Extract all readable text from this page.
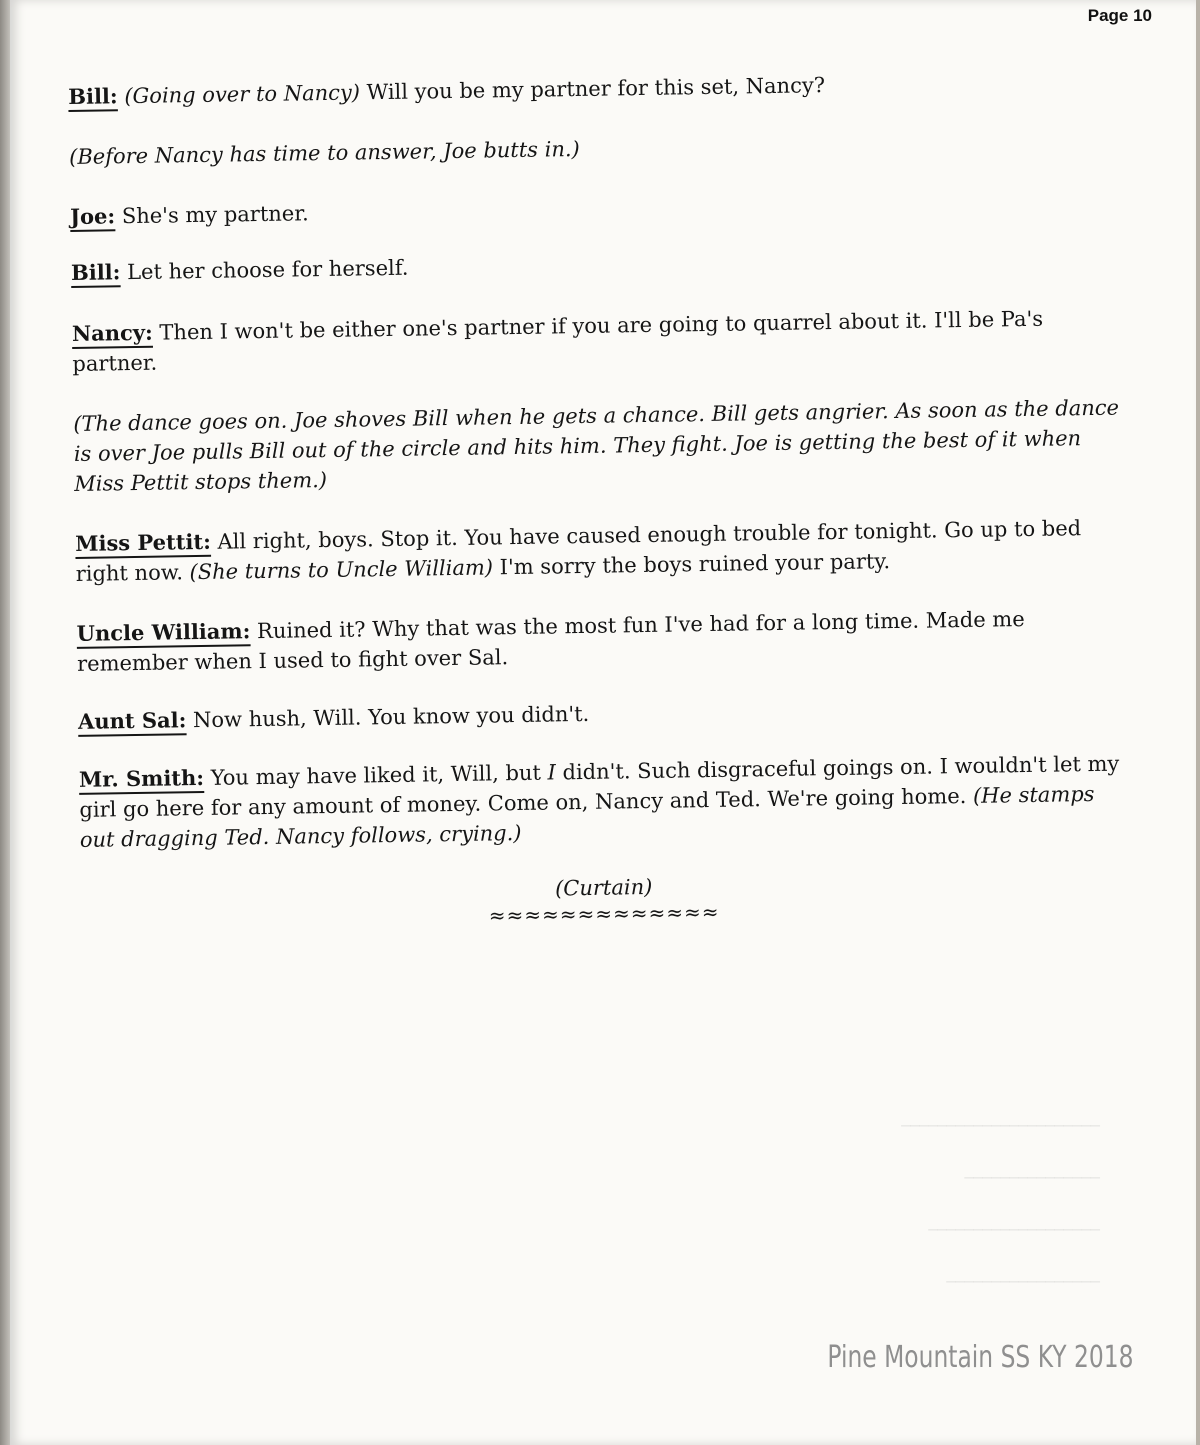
Page 10
──────────────────────
───────────────
───────────────────
─────────────────

Bill: (Going over to Nancy) Will you be my partner for this set, Nancy?

(Before Nancy has time to answer, Joe butts in.)

Joe: She's my partner.

Bill: Let her choose for herself.

Nancy: Then I won't be either one's partner if you are going to quarrel about it. I'll be Pa's partner.

(The dance goes on. Joe shoves Bill when he gets a chance. Bill gets angrier. As soon as the dance is over Joe pulls Bill out of the circle and hits him. They fight. Joe is getting the best of it when Miss Pettit stops them.)

Miss Pettit: All right, boys. Stop it. You have caused enough trouble for tonight. Go up to bed right now. (She turns to Uncle William) I'm sorry the boys ruined your party.

Uncle William: Ruined it? Why that was the most fun I've had for a long time. Made me remember when I used to fight over Sal.

Aunt Sal: Now hush, Will. You know you didn't.

Mr. Smith: You may have liked it, Will, but I didn't. Such disgraceful goings on. I wouldn't let my girl go here for any amount of money. Come on, Nancy and Ted. We're going home. (He stamps out dragging Ted. Nancy follows, crying.)

(Curtain)

≈≈≈≈≈≈≈≈≈≈≈≈≈

Pine Mountain SS KY 2018
